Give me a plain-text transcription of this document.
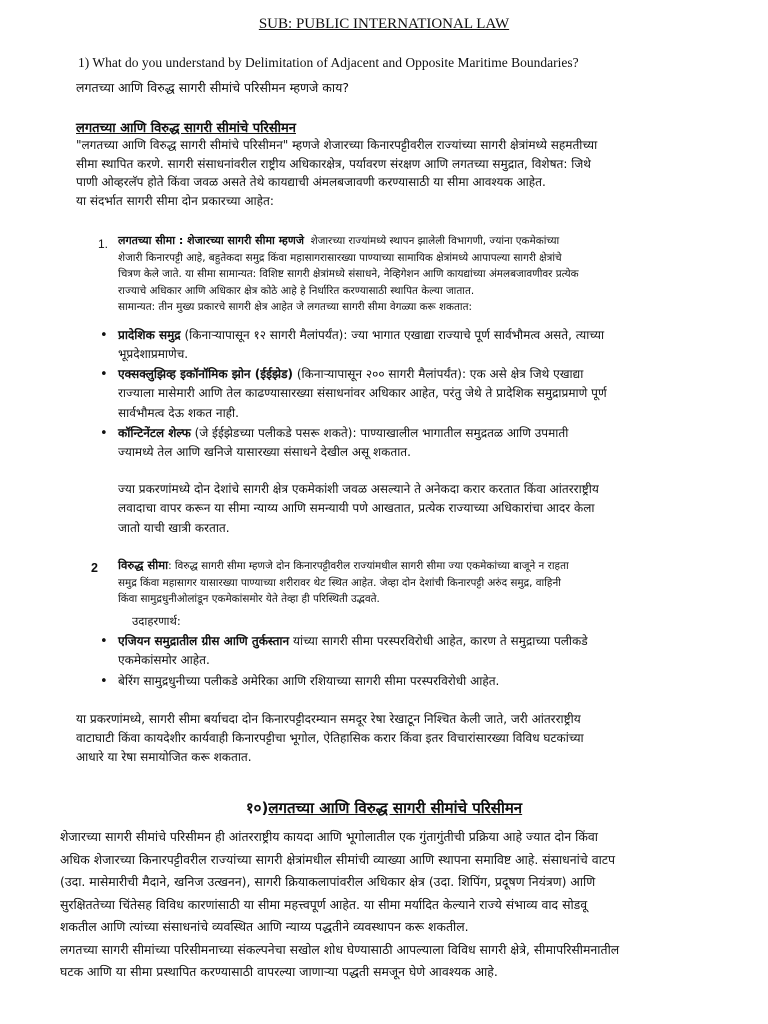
SUB: PUBLIC INTERNATIONAL LAW
1) What do you understand by Delimitation of Adjacent and Opposite Maritime Boundaries?
लगतच्या आणि विरुद्ध सागरी सीमांचे परिसीमन म्हणजे काय?
लगतच्या आणि विरुद्ध सागरी सीमांचे परिसीमन
"लगतच्या आणि विरुद्ध सागरी सीमांचे परिसीमन" म्हणजे शेजारच्या किनारपट्टीवरील राज्यांच्या सागरी क्षेत्रांमध्ये सहमतीच्या
सीमा स्थापित करणे. सागरी संसाधनांवरील राष्ट्रीय अधिकारक्षेत्र, पर्यावरण संरक्षण आणि लगतच्या समुद्रात, विशेषत: जिथे
पाणी ओव्हरलॅप होते किंवा जवळ असते तेथे कायद्याची अंमलबजावणी करण्यासाठी या सीमा आवश्यक आहेत.
या संदर्भात सागरी सीमा दोन प्रकारच्या आहेत:
1. लगतच्या सीमा : शेजारच्या सागरी सीमा म्हणजे शेजारच्या राज्यांमध्ये स्थापन झालेली विभागणी, ज्यांना एकमेकांच्या
शेजारी किनारपट्टी आहे, बहुतेकदा समुद्र किंवा महासागरासारख्या पाण्याच्या सामायिक क्षेत्रांमध्ये आपापल्या सागरी क्षेत्रांचे
चित्रण केले जाते. या सीमा सामान्यत: विशिष्ट सागरी क्षेत्रांमध्ये संसाधने, नेव्हिगेशन आणि कायद्यांच्या अंमलबजावणीवर प्रत्येक
राज्याचे अधिकार आणि अधिकार क्षेत्र कोठे आहे हे निर्धारित करण्यासाठी स्थापित केल्या जातात.
सामान्यत: तीन मुख्य प्रकारचे सागरी क्षेत्र आहेत जे लगतच्या सागरी सीमा वेगळ्या करू शकतात:
• प्रादेशिक समुद्र (किनाऱ्यापासून १२ सागरी मैलांपर्यंत): ज्या भागात एखाद्या राज्याचे पूर्ण सार्वभौमत्व असते, त्याच्या
भूप्रदेशाप्रमाणेच.
• एक्सक्लुझिव्ह इकॉनॉमिक झोन (ईईझेड) (किनाऱ्यापासून २०० सागरी मैलांपर्यंत): एक असे क्षेत्र जिथे एखाद्या
राज्याला मासेमारी आणि तेल काढण्यासारख्या संसाधनांवर अधिकार आहेत, परंतु जेथे ते प्रादेशिक समुद्राप्रमाणे पूर्ण
सार्वभौमत्व देऊ शकत नाही.
• कॉन्टिनेंटल शेल्फ (जे ईईझेडच्या पलीकडे पसरू शकते): पाण्याखालील भागातील समुद्रतळ आणि उपमाती
ज्यामध्ये तेल आणि खनिजे यासारख्या संसाधने देखील असू शकतात.
ज्या प्रकरणांमध्ये दोन देशांचे सागरी क्षेत्र एकमेकांशी जवळ असल्याने ते अनेकदा करार करतात किंवा आंतरराष्ट्रीय
लवादाचा वापर करून या सीमा न्याय्य आणि समन्यायी पणे आखतात, प्रत्येक राज्याच्या अधिकारांचा आदर केला
जातो याची खात्री करतात.
2 विरुद्ध सीमा: विरुद्ध सागरी सीमा म्हणजे दोन किनारपट्टीवरील राज्यांमधील सागरी सीमा ज्या एकमेकांच्या बाजूने न राहता
समुद्र किंवा महासागर यासारख्या पाण्याच्या शरीरावर थेट स्थित आहेत. जेव्हा दोन देशांची किनारपट्टी अरुंद समुद्र, वाहिनी
किंवा सामुद्रधुनीओलांडून एकमेकांसमोर येते तेव्हा ही परिस्थिती उद्भवते.
उदाहरणार्थ:
• एजियन समुद्रातील ग्रीस आणि तुर्कस्तान यांच्या सागरी सीमा परस्परविरोधी आहेत, कारण ते समुद्राच्या पलीकडे
एकमेकांसमोर आहेत.
• बेरिंग सामुद्रधुनीच्या पलीकडे अमेरिका आणि रशियाच्या सागरी सीमा परस्परविरोधी आहेत.
या प्रकरणांमध्ये, सागरी सीमा बर्याचदा दोन किनारपट्टीदरम्यान समदूर रेषा रेखाटून निश्चित केली जाते, जरी आंतरराष्ट्रीय
वाटाघाटी किंवा कायदेशीर कार्यवाही किनारपट्टीचा भूगोल, ऐतिहासिक करार किंवा इतर विचारांसारख्या विविध घटकांच्या
आधारे या रेषा समायोजित करू शकतात.
१०)लगतच्या आणि विरुद्ध सागरी सीमांचे परिसीमन
शेजारच्या सागरी सीमांचे परिसीमन ही आंतरराष्ट्रीय कायदा आणि भूगोलातील एक गुंतागुंतीची प्रक्रिया आहे ज्यात दोन किंवा
अधिक शेजारच्या किनारपट्टीवरील राज्यांच्या सागरी क्षेत्रांमधील सीमांची व्याख्या आणि स्थापना समाविष्ट आहे. संसाधनांचे वाटप
(उदा. मासेमारीची मैदाने, खनिज उत्खनन), सागरी क्रियाकलापांवरील अधिकार क्षेत्र (उदा. शिपिंग, प्रदूषण नियंत्रण) आणि
सुरक्षिततेच्या चिंतेसह विविध कारणांसाठी या सीमा महत्त्वपूर्ण आहेत. या सीमा मर्यादित केल्याने राज्ये संभाव्य वाद सोडवू
शकतील आणि त्यांच्या संसाधनांचे व्यवस्थित आणि न्याय्य पद्धतीने व्यवस्थापन करू शकतील.
लगतच्या सागरी सीमांच्या परिसीमनाच्या संकल्पनेचा सखोल शोध घेण्यासाठी आपल्याला विविध सागरी क्षेत्रे, सीमापरिसीमनातील
घटक आणि या सीमा प्रस्थापित करण्यासाठी वापरल्या जाणाऱ्या पद्धती समजून घेणे आवश्यक आहे.
